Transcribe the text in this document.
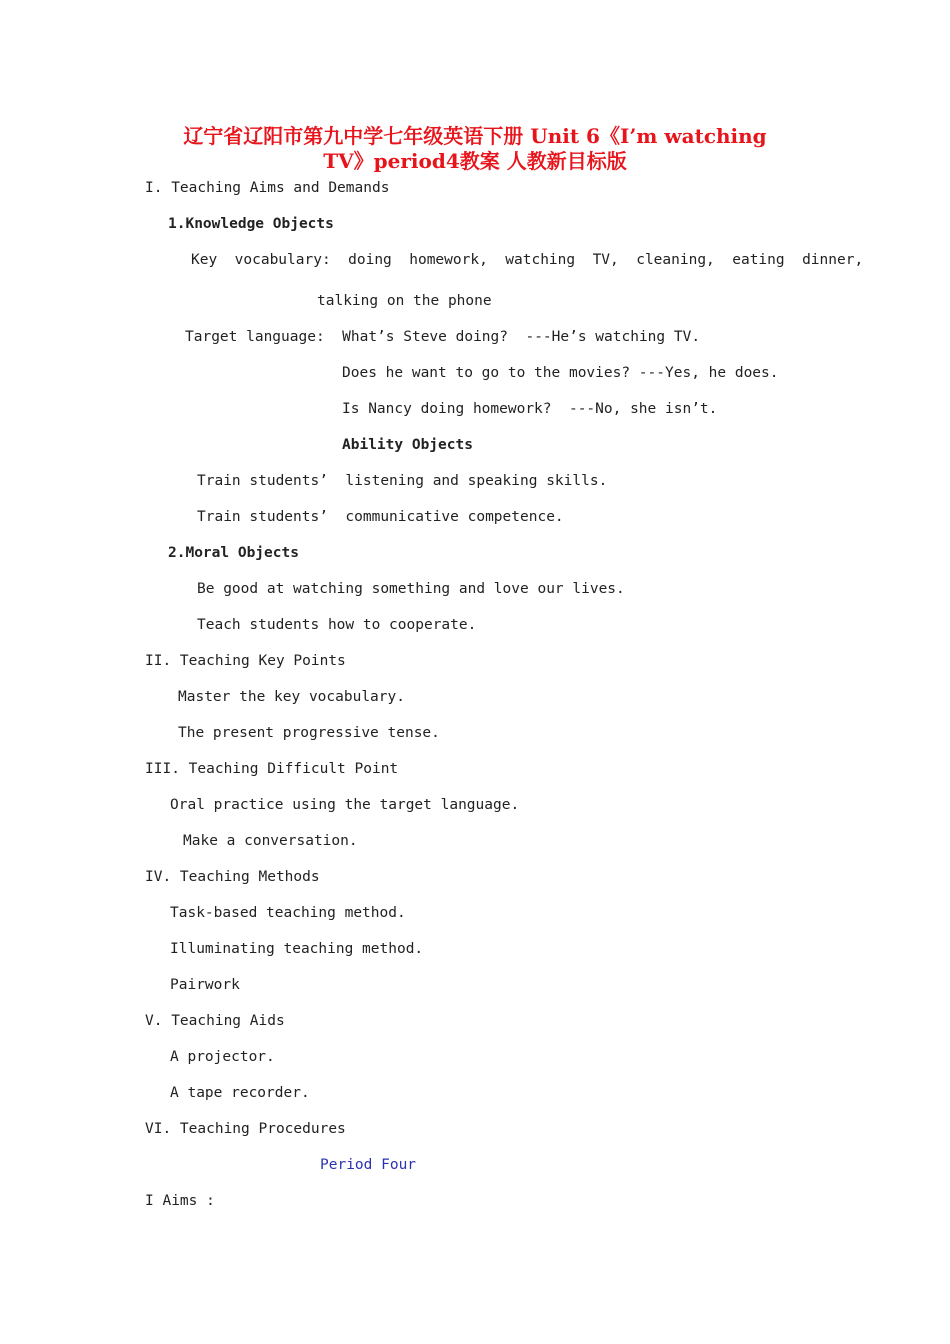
辽宁省辽阳市第九中学七年级英语下册 Unit 6《I’m watching
TV》period4教案 人教新目标版
I. Teaching Aims and Demands
1.Knowledge Objects
Key  vocabulary:  doing  homework,  watching  TV,  cleaning,  eating  dinner,
talking on the phone
Target language:  What’s Steve doing?  ---He’s watching TV.
Does he want to go to the movies? ---Yes, he does.
Is Nancy doing homework?  ---No, she isn’t.
Ability Objects
Train students’  listening and speaking skills.
Train students’  communicative competence.
2.Moral Objects
Be good at watching something and love our lives.
Teach students how to cooperate.
II. Teaching Key Points
Master the key vocabulary.
The present progressive tense.
III. Teaching Difficult Point
Oral practice using the target language.
Make a conversation.
IV. Teaching Methods
Task-based teaching method.
Illuminating teaching method.
Pairwork
V. Teaching Aids
A projector.
A tape recorder.
VI. Teaching Procedures
Period Four
I Aims :
